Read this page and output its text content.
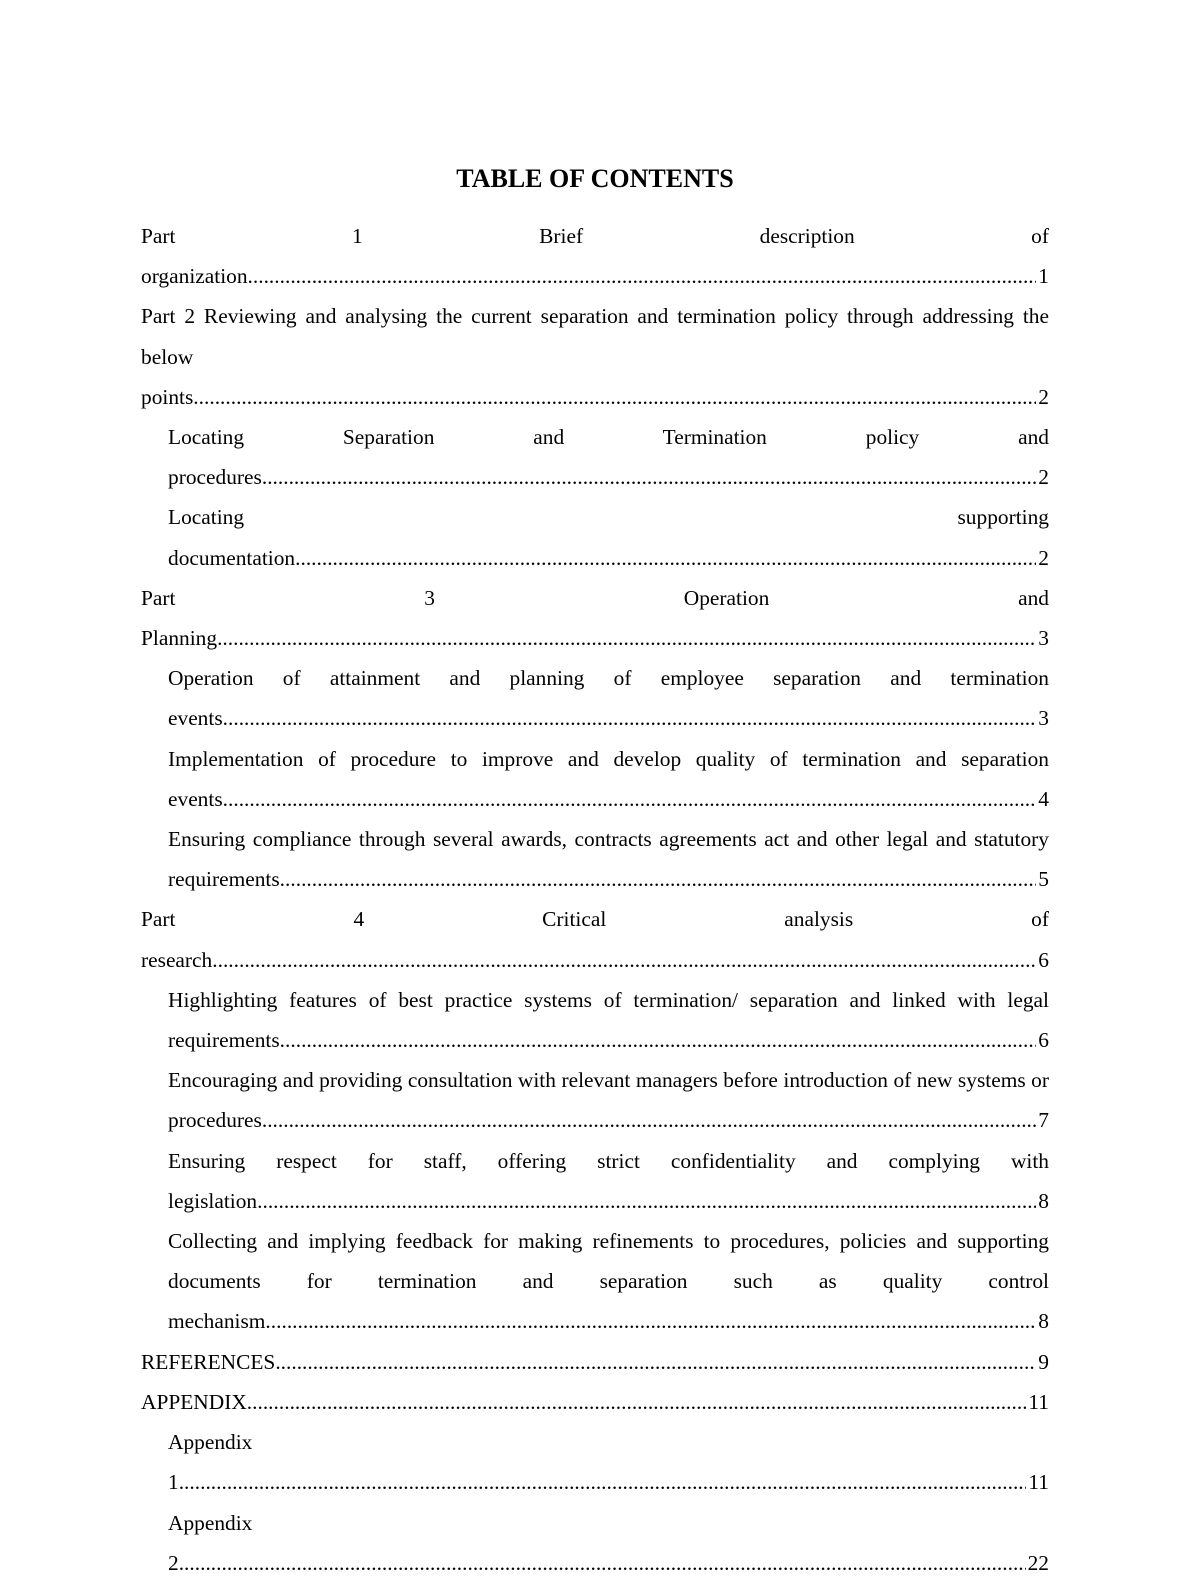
TABLE OF CONTENTS
Part 1 Brief description of organization .....	1
Part 2 Reviewing and analysing the current separation and termination policy through addressing the below points .....	2
Locating Separation and Termination policy and procedures .....	2
Locating supporting documentation .....	2
Part 3 Operation and Planning .....	3
Operation of attainment and planning of employee separation and termination events .....	3
Implementation of procedure to improve and develop quality of termination and separation events .....	4
Ensuring compliance through several awards, contracts agreements act and other legal and statutory requirements .....	5
Part 4 Critical analysis of research .....	6
Highlighting features of best practice systems of termination/ separation and linked with legal requirements .....	6
Encouraging and providing consultation with relevant managers before introduction of new systems or procedures .....	7
Ensuring respect for staff, offering strict confidentiality and complying with legislation .....	8
Collecting and implying feedback for making refinements to procedures, policies and supporting documents for termination and separation such as quality control mechanism .....	8
REFERENCES .....	9
APPENDIX .....	11
Appendix 1 .....	11
Appendix 2 .....	22
